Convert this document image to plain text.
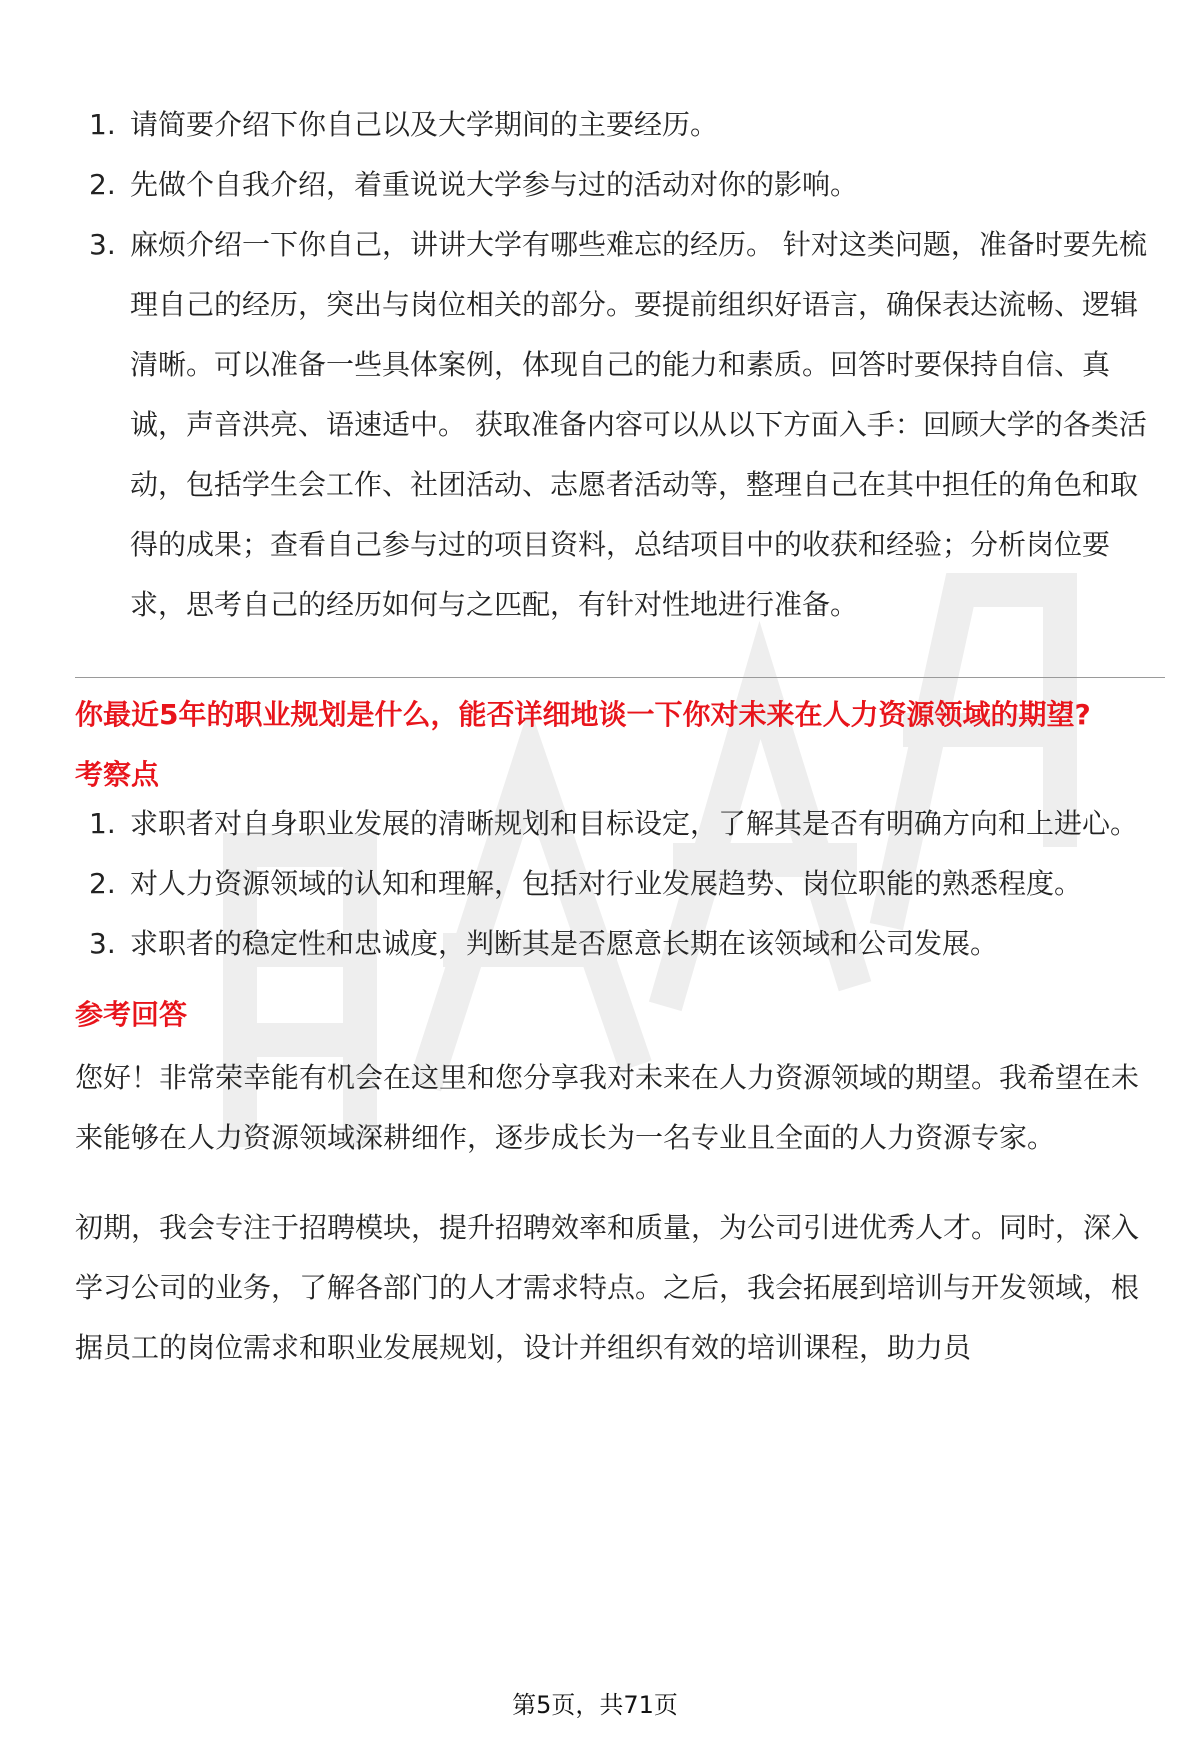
1. 请简要介绍下你自己以及大学期间的主要经历。
2. 先做个自我介绍，着重说说大学参与过的活动对你的影响。
3. 麻烦介绍一下你自己，讲讲大学有哪些难忘的经历。 针对这类问题，准备时要先梳理自己的经历，突出与岗位相关的部分。要提前组织好语言，确保表达流畅、逻辑清晰。可以准备一些具体案例，体现自己的能力和素质。回答时要保持自信、真诚，声音洪亮、语速适中。 获取准备内容可以从以下方面入手：回顾大学的各类活动，包括学生会工作、社团活动、志愿者活动等，整理自己在其中担任的角色和取得的成果；查看自己参与过的项目资料，总结项目中的收获和经验；分析岗位要求，思考自己的经历如何与之匹配，有针对性地进行准备。
你最近5年的职业规划是什么，能否详细地谈一下你对未来在人力资源领域的期望?
考察点
1. 求职者对自身职业发展的清晰规划和目标设定，了解其是否有明确方向和上进心。
2. 对人力资源领域的认知和理解，包括对行业发展趋势、岗位职能的熟悉程度。
3. 求职者的稳定性和忠诚度，判断其是否愿意长期在该领域和公司发展。
参考回答

您好！非常荣幸能有机会在这里和您分享我对未来在人力资源领域的期望。我希望在未来能够在人力资源领域深耕细作，逐步成长为一名专业且全面的人力资源专家。

初期，我会专注于招聘模块，提升招聘效率和质量，为公司引进优秀人才。同时，深入学习公司的业务，了解各部门的人才需求特点。之后，我会拓展到培训与开发领域，根据员工的岗位需求和职业发展规划，设计并组织有效的培训课程，助力员

第5页，共71页
